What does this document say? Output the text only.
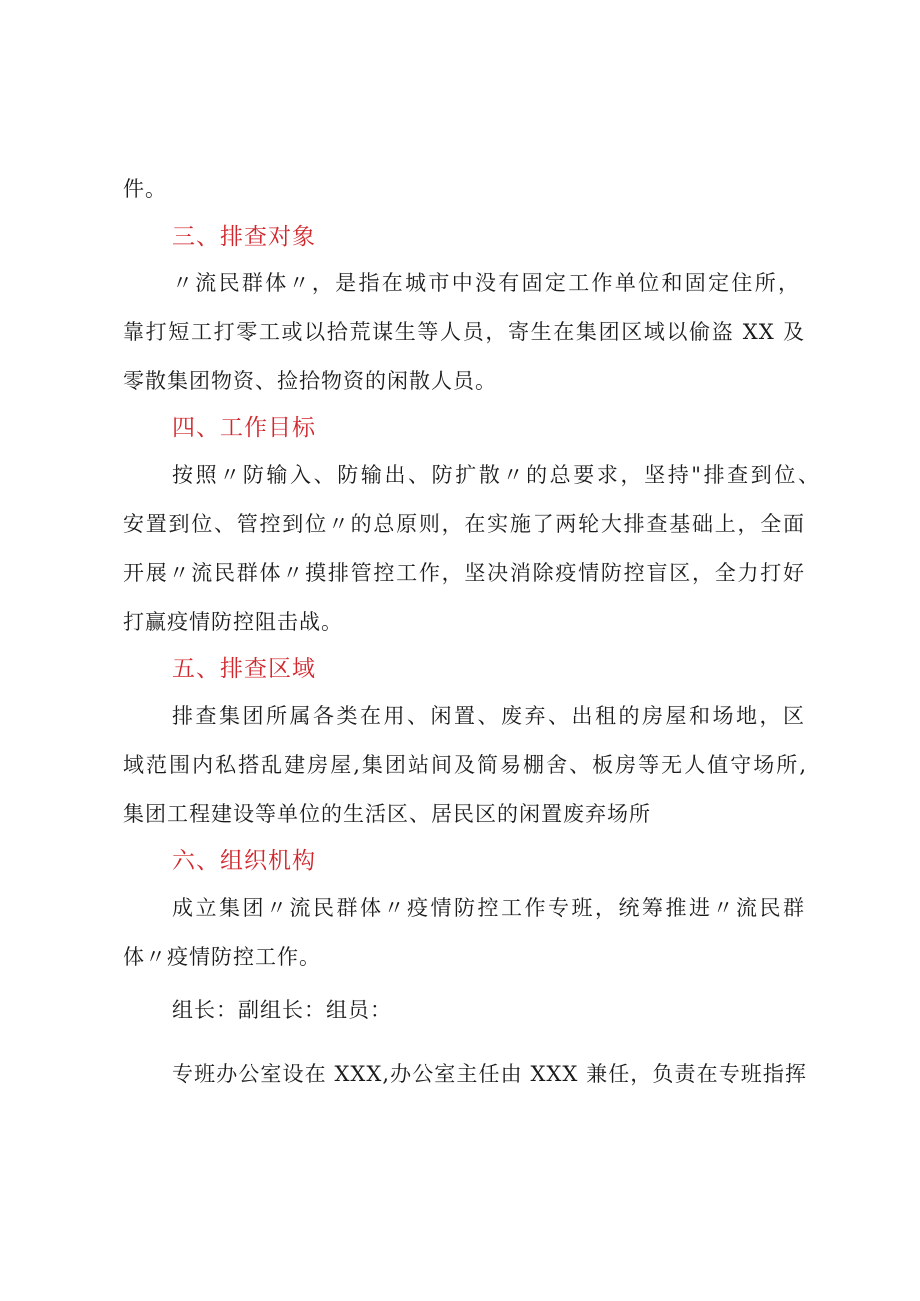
件。
三、排查对象
〃流民群体〃，是指在城市中没有固定工作单位和固定住所，
靠打短工打零工或以拾荒谋生等人员，寄生在集团区域以偷盗 XX 及
零散集团物资、捡拾物资的闲散人员。
四、工作目标
按照〃防输入、防输出、防扩散〃的总要求，坚持"排查到位、
安置到位、管控到位〃的总原则，在实施了两轮大排查基础上，全面
开展〃流民群体〃摸排管控工作，坚决消除疫情防控盲区，全力打好
打赢疫情防控阻击战。
五、排查区域
排查集团所属各类在用、闲置、废弃、出租的房屋和场地，区
域范围内私搭乱建房屋,集团站间及简易棚舍、板房等无人值守场所,
集团工程建设等单位的生活区、居民区的闲置废弃场所
六、组织机构
成立集团〃流民群体〃疫情防控工作专班，统筹推进〃流民群
体〃疫情防控工作。
组长：副组长：组员：
专班办公室设在 XXX,办公室主任由 XXX 兼任，负责在专班指挥
